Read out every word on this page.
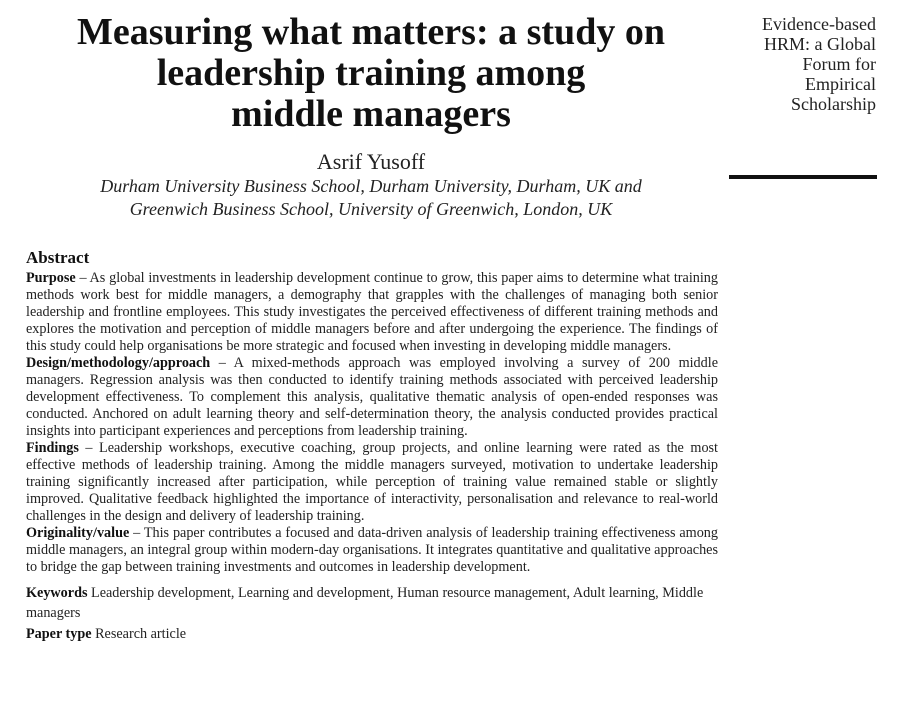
Measuring what matters: a study on
leadership training among
middle managers
Evidence-based
HRM: a Global
Forum for
Empirical
Scholarship
Asrif Yusoff
Durham University Business School, Durham University, Durham, UK and
Greenwich Business School, University of Greenwich, London, UK
Abstract

Purpose – As global investments in leadership development continue to grow, this paper aims to determine what training methods work best for middle managers, a demography that grapples with the challenges of managing both senior leadership and frontline employees. This study investigates the perceived effectiveness of different training methods and explores the motivation and perception of middle managers before and after undergoing the experience. The findings of this study could help organisations be more strategic and focused when investing in developing middle managers.

Design/methodology/approach – A mixed-methods approach was employed involving a survey of 200 middle managers. Regression analysis was then conducted to identify training methods associated with perceived leadership development effectiveness. To complement this analysis, qualitative thematic analysis of open-ended responses was conducted. Anchored on adult learning theory and self-determination theory, the analysis conducted provides practical insights into participant experiences and perceptions from leadership training.

Findings – Leadership workshops, executive coaching, group projects, and online learning were rated as the most effective methods of leadership training. Among the middle managers surveyed, motivation to undertake leadership training significantly increased after participation, while perception of training value remained stable or slightly improved. Qualitative feedback highlighted the importance of interactivity, personalisation and relevance to real-world challenges in the design and delivery of leadership training.

Originality/value – This paper contributes a focused and data-driven analysis of leadership training effectiveness among middle managers, an integral group within modern-day organisations. It integrates quantitative and qualitative approaches to bridge the gap between training investments and outcomes in leadership development.

Keywords Leadership development, Learning and development, Human resource management, Adult learning, Middle managers

Paper type Research article
